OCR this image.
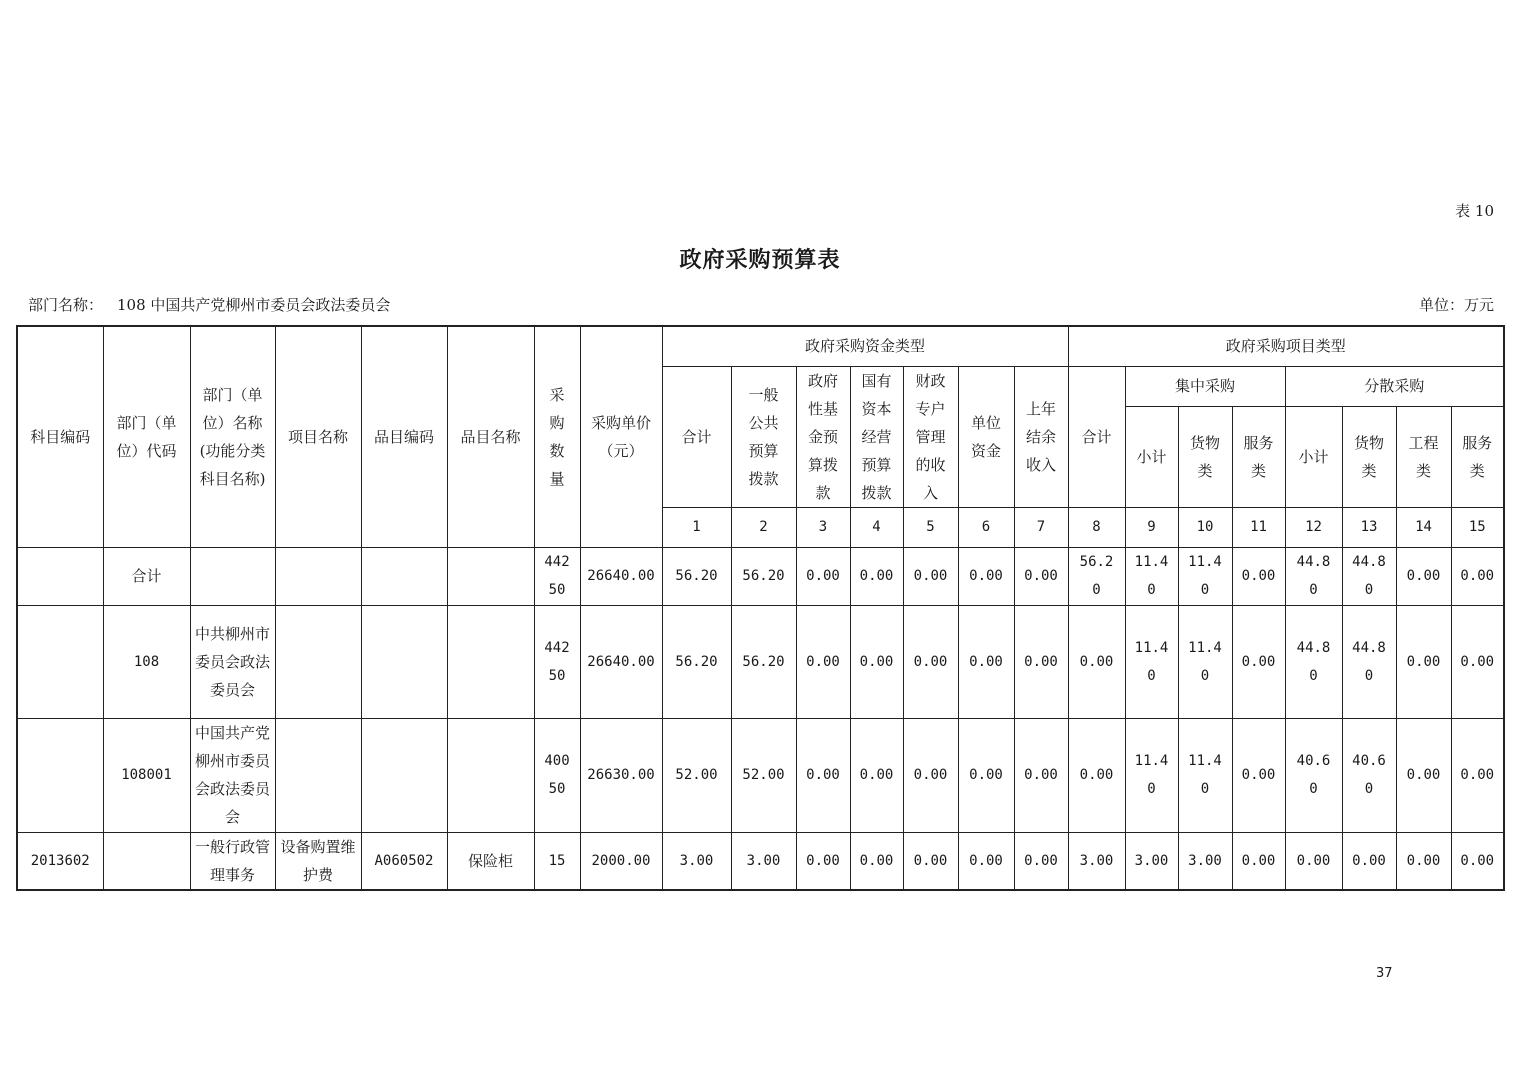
表 10
政府采购预算表
部门名称： 108 中国共产党柳州市委员会政法委员会	单位：万元
科目编码	部门（单位）代码	部门（单位）名称(功能分类科目名称)	项目名称	品目编码	品目名称	采购数量	采购单价（元）	政府采购资金类型							政府采购项目类型							
								合计	一般公共预算拨款	政府性基金预算拨款	国有资本经营预算拨款	财政专户管理的收入	单位资金	上年结余收入	合计	集中采购			分散采购			
																小计	货物类	服务类	小计	货物类	工程类	服务类
								1	2	3	4	5	6	7	8	9	10	11	12	13	14	15
	合计					44250	26640.00	56.20	56.20	0.00	0.00	0.00	0.00	0.00	56.20	11.40	11.40	0.00	44.80	44.80	0.00	0.00
	108	中共柳州市委员会政法委员会				44250	26640.00	56.20	56.20	0.00	0.00	0.00	0.00	0.00	0.00	11.40	11.40	0.00	44.80	44.80	0.00	0.00
	108001	中国共产党柳州市委员会政法委员会				40050	26630.00	52.00	52.00	0.00	0.00	0.00	0.00	0.00	0.00	11.40	11.40	0.00	40.60	40.60	0.00	0.00
2013602		一般行政管理事务	设备购置维护费	A060502	保险柜	15	2000.00	3.00	3.00	0.00	0.00	0.00	0.00	0.00	3.00	3.00	3.00	0.00	0.00	0.00	0.00	0.00
37
